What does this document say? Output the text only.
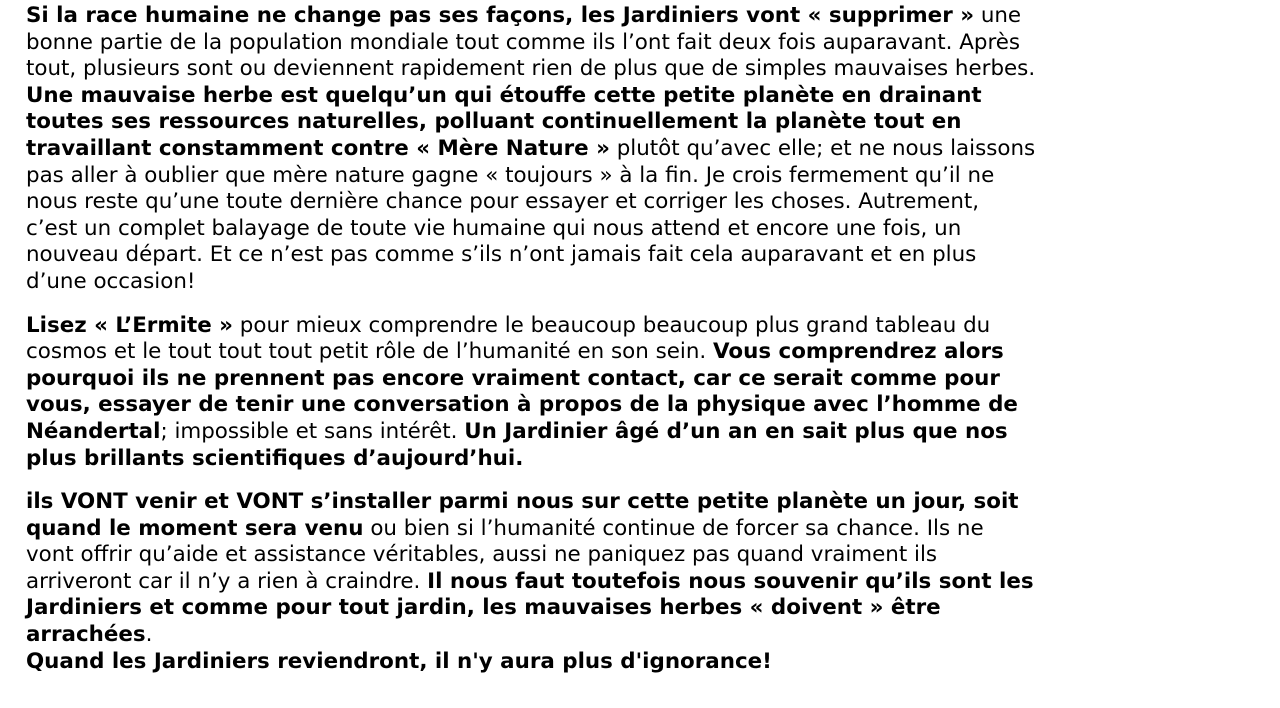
Si la race humaine ne change pas ses façons, les Jardiniers vont « supprimer » une bonne partie de la population mondiale tout comme ils l’ont fait deux fois auparavant. Après tout, plusieurs sont ou deviennent rapidement rien de plus que de simples mauvaises herbes. Une mauvaise herbe est quelqu’un qui étouffe cette petite planète en drainant toutes ses ressources naturelles, polluant continuellement la planète tout en travaillant constamment contre « Mère Nature » plutôt qu’avec elle; et ne nous laissons pas aller à oublier que mère nature gagne « toujours » à la fin. Je crois fermement qu’il ne nous reste qu’une toute dernière chance pour essayer et corriger les choses. Autrement, c’est un complet balayage de toute vie humaine qui nous attend et encore une fois, un nouveau départ. Et ce n’est pas comme s’ils n’ont jamais fait cela auparavant et en plus d’une occasion!

Lisez « L’Ermite » pour mieux comprendre le beaucoup beaucoup plus grand tableau du cosmos et le tout tout tout petit rôle de l’humanité en son sein. Vous comprendrez alors pourquoi ils ne prennent pas encore vraiment contact, car ce serait comme pour vous, essayer de tenir une conversation à propos de la physique avec l’homme de Néandertal; impossible et sans intérêt. Un Jardinier âgé d’un an en sait plus que nos plus brillants scientifiques d’aujourd’hui.

ils VONT venir et VONT s’installer parmi nous sur cette petite planète un jour, soit quand le moment sera venu ou bien si l’humanité continue de forcer sa chance. Ils ne vont offrir qu’aide et assistance véritables, aussi ne paniquez pas quand vraiment ils arriveront car il n’y a rien à craindre. Il nous faut toutefois nous souvenir qu’ils sont les Jardiniers et comme pour tout jardin, les mauvaises herbes « doivent » être arrachées.

Quand les Jardiniers reviendront, il n'y aura plus d'ignorance!
